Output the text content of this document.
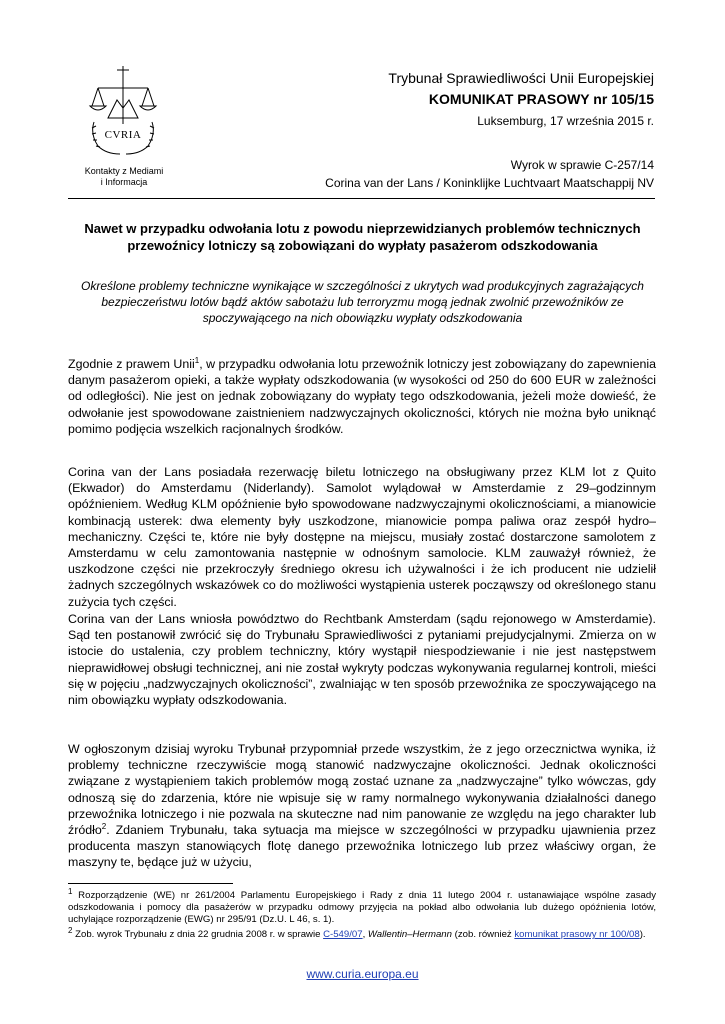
CVRIA
Kontakty z Mediami
i Informacja
Trybunał Sprawiedliwości Unii Europejskiej
KOMUNIKAT PRASOWY nr 105/15
Luksemburg, 17 września 2015 r.
Wyrok w sprawie C-257/14
Corina van der Lans / Koninklijke Luchtvaart Maatschappij NV
Nawet w przypadku odwołania lotu z powodu nieprzewidzianych problemów technicznych przewoźnicy lotniczy są zobowiązani do wypłaty pasażerom odszkodowania
Określone problemy techniczne wynikające w szczególności z ukrytych wad produkcyjnych zagrażających bezpieczeństwu lotów bądź aktów sabotażu lub terroryzmu mogą jednak zwolnić przewoźników ze spoczywającego na nich obowiązku wypłaty odszkodowania
Zgodnie z prawem Unii$^1$, w przypadku odwołania lotu przewoźnik lotniczy jest zobowiązany do zapewnienia danym pasażerom opieki, a także wypłaty odszkodowania (w wysokości od 250 do 600 EUR w zależności od odległości). Nie jest on jednak zobowiązany do wypłaty tego odszkodowania, jeżeli może dowieść, że odwołanie jest spowodowane zaistnieniem nadzwyczajnych okoliczności, których nie można było uniknąć pomimo podjęcia wszelkich racjonalnych środków.
Corina van der Lans posiadała rezerwację biletu lotniczego na obsługiwany przez KLM lot z Quito (Ekwador) do Amsterdamu (Niderlandy). Samolot wylądował w Amsterdamie z 29–godzinnym opóźnieniem. Według KLM opóźnienie było spowodowane nadzwyczajnymi okolicznościami, a mianowicie kombinacją usterek: dwa elementy były uszkodzone, mianowicie pompa paliwa oraz zespół hydro–mechaniczny. Części te, które nie były dostępne na miejscu, musiały zostać dostarczone samolotem z Amsterdamu w celu zamontowania następnie w odnośnym samolocie. KLM zauważył również, że uszkodzone części nie przekroczyły średniego okresu ich używalności i że ich producent nie udzielił żadnych szczególnych wskazówek co do możliwości wystąpienia usterek począwszy od określonego stanu zużycia tych części.
Corina van der Lans wniosła powództwo do Rechtbank Amsterdam (sądu rejonowego w Amsterdamie). Sąd ten postanowił zwrócić się do Trybunału Sprawiedliwości z pytaniami prejudycjalnymi. Zmierza on w istocie do ustalenia, czy problem techniczny, który wystąpił niespodziewanie i nie jest następstwem nieprawidłowej obsługi technicznej, ani nie został wykryty podczas wykonywania regularnej kontroli, mieści się w pojęciu „nadzwyczajnych okoliczności”, zwalniając w ten sposób przewoźnika ze spoczywającego na nim obowiązku wypłaty odszkodowania.
W ogłoszonym dzisiaj wyroku Trybunał przypomniał przede wszystkim, że z jego orzecznictwa wynika, iż problemy techniczne rzeczywiście mogą stanowić nadzwyczajne okoliczności. Jednak okoliczności związane z wystąpieniem takich problemów mogą zostać uznane za „nadzwyczajne” tylko wówczas, gdy odnoszą się do zdarzenia, które nie wpisuje się w ramy normalnego wykonywania działalności danego przewoźnika lotniczego i nie pozwala na skuteczne nad nim panowanie ze względu na jego charakter lub źródło$^2$. Zdaniem Trybunału, taka sytuacja ma miejsce w szczególności w przypadku ujawnienia przez producenta maszyn stanowiących flotę danego przewoźnika lotniczego lub przez właściwy organ, że maszyny te, będące już w użyciu,
$^1$ Rozporządzenie (WE) nr 261/2004 Parlamentu Europejskiego i Rady z dnia 11 lutego 2004 r. ustanawiające wspólne zasady odszkodowania i pomocy dla pasażerów w przypadku odmowy przyjęcia na pokład albo odwołania lub dużego opóźnienia lotów, uchylające rozporządzenie (EWG) nr 295/91 (Dz.U. L 46, s. 1).
$^2$ Zob. wyrok Trybunału z dnia 22 grudnia 2008 r. w sprawie C-549/07, Wallentin–Hermann (zob. również komunikat prasowy nr 100/08).
www.curia.europa.eu
